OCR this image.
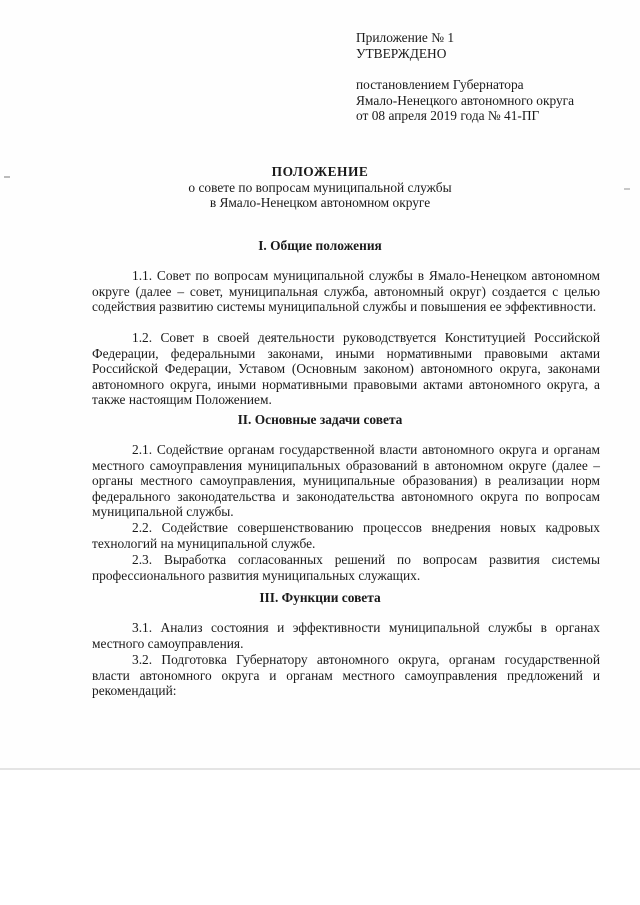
Приложение № 1
УТВЕРЖДЕНО
постановлением Губернатора
Ямало-Ненецкого автономного округа
от 08 апреля 2019 года № 41-ПГ
ПОЛОЖЕНИЕ
о совете по вопросам муниципальной службы
в Ямало-Ненецком автономном округе
I. Общие положения
1.1. Совет по вопросам муниципальной службы в Ямало-Ненецком автономном округе (далее – совет, муниципальная служба, автономный округ) создается с целью содействия развитию системы муниципальной службы и повышения ее эффективности.
1.2. Совет в своей деятельности руководствуется Конституцией Российской Федерации, федеральными законами, иными нормативными правовыми актами Российской Федерации, Уставом (Основным законом) автономного округа, законами автономного округа, иными нормативными правовыми актами автономного округа, а также настоящим Положением.
II. Основные задачи совета
2.1. Содействие органам государственной власти автономного округа и органам местного самоуправления муниципальных образований в автономном округе (далее – органы местного самоуправления, муниципальные образования) в реализации норм федерального законодательства и законодательства автономного округа по вопросам муниципальной службы.
2.2. Содействие совершенствованию процессов внедрения новых кадровых технологий на муниципальной службе.
2.3. Выработка согласованных решений по вопросам развития системы профессионального развития муниципальных служащих.
III. Функции совета
3.1. Анализ состояния и эффективности муниципальной службы в органах местного самоуправления.
3.2. Подготовка Губернатору автономного округа, органам государственной власти автономного округа и органам местного самоуправления предложений и рекомендаций:
